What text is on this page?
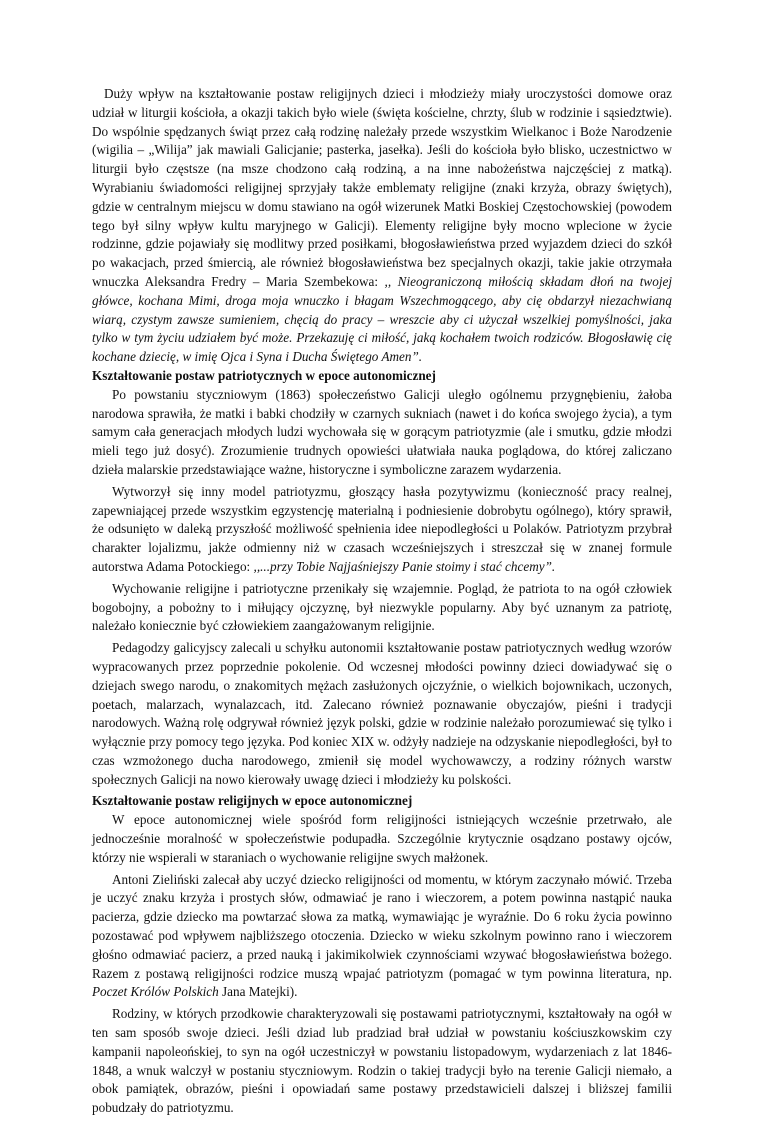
Duży wpływ na kształtowanie postaw religijnych dzieci i młodzieży miały uroczystości domowe oraz udział w liturgii kościoła, a okazji takich było wiele (święta kościelne, chrzty, ślub w rodzinie i sąsiedztwie). Do wspólnie spędzanych świąt przez całą rodzinę należały przede wszystkim Wielkanoc i Boże Narodzenie (wigilia – „Wilija” jak mawiali Galicjanie; pasterka, jasełka). Jeśli do kościoła było blisko, uczestnictwo w liturgii było częstsze (na msze chodzono całą rodziną, a na inne nabożeństwa najczęściej z matką). Wyrabianiu świadomości religijnej sprzyjały także emblematy religijne (znaki krzyża, obrazy świętych), gdzie w centralnym miejscu w domu stawiano na ogół wizerunek Matki Boskiej Częstochowskiej (powodem tego był silny wpływ kultu maryjnego w Galicji). Elementy religijne były mocno wplecione w życie rodzinne, gdzie pojawiały się modlitwy przed posiłkami, błogosławieństwa przed wyjazdem dzieci do szkół po wakacjach, przed śmiercią, ale również błogosławieństwa bez specjalnych okazji, takie jakie otrzymała wnuczka Aleksandra Fredry – Maria Szembekowa: ,, Nieograniczoną miłością składam dłoń na twojej główce, kochana Mimi, droga moja wnuczko i błagam Wszechmogącego, aby cię obdarzył niezachwianą wiarą, czystym zawsze sumieniem, chęcią do pracy – wreszcie aby ci użyczał wszelkiej pomyślności, jaka tylko w tym życiu udziałem być może. Przekazuję ci miłość, jaką kochałem twoich rodziców. Błogosławię cię kochane dziecię, w imię Ojca i Syna i Ducha Świętego Amen”.

Kształtowanie postaw patriotycznych w epoce autonomicznej

Po powstaniu styczniowym (1863) społeczeństwo Galicji uległo ogólnemu przygnębieniu, żałoba narodowa sprawiła, że matki i babki chodziły w czarnych sukniach (nawet i do końca swojego życia), a tym samym cała generacjach młodych ludzi wychowała się w gorącym patriotyzmie (ale i smutku, gdzie młodzi mieli tego już dosyć). Zrozumienie trudnych opowieści ułatwiała nauka poglądowa, do której zaliczano dzieła malarskie przedstawiające ważne, historyczne i symboliczne zarazem wydarzenia.

Wytworzył się inny model patriotyzmu, głoszący hasła pozytywizmu (konieczność pracy realnej, zapewniającej przede wszystkim egzystencję materialną i podniesienie dobrobytu ogólnego), który sprawił, że odsunięto w daleką przyszłość możliwość spełnienia idee niepodległości u Polaków. Patriotyzm przybrał charakter lojalizmu, jakże odmienny niż w czasach wcześniejszych i streszczał się w znanej formule autorstwa Adama Potockiego: ,,...przy Tobie Najjaśniejszy Panie stoimy i stać chcemy”.

Wychowanie religijne i patriotyczne przenikały się wzajemnie. Pogląd, że patriota to na ogół człowiek bogobojny, a pobożny to i miłujący ojczyznę, był niezwykle popularny. Aby być uznanym za patriotę, należało koniecznie być człowiekiem zaangażowanym religijnie.

Pedagodzy galicyjscy zalecali u schyłku autonomii kształtowanie postaw patriotycznych według wzorów wypracowanych przez poprzednie pokolenie. Od wczesnej młodości powinny dzieci dowiadywać się o dziejach swego narodu, o znakomitych mężach zasłużonych ojczyźnie, o wielkich bojownikach, uczonych, poetach, malarzach, wynalazcach, itd. Zalecano również poznawanie obyczajów, pieśni i tradycji narodowych. Ważną rolę odgrywał również język polski, gdzie w rodzinie należało porozumiewać się tylko i wyłącznie przy pomocy tego języka. Pod koniec XIX w. odżyły nadzieje na odzyskanie niepodległości, był to czas wzmożonego ducha narodowego, zmienił się model wychowawczy, a rodziny różnych warstw społecznych Galicji na nowo kierowały uwagę dzieci i młodzieży ku polskości.

Kształtowanie postaw religijnych w epoce autonomicznej

W epoce autonomicznej wiele spośród form religijności istniejących wcześnie przetrwało, ale jednocześnie moralność w społeczeństwie podupadła. Szczególnie krytycznie osądzano postawy ojców, którzy nie wspierali w staraniach o wychowanie religijne swych małżonek.

Antoni Zieliński zalecał aby uczyć dziecko religijności od momentu, w którym zaczynało mówić. Trzeba je uczyć znaku krzyża i prostych słów, odmawiać je rano i wieczorem, a potem powinna nastąpić nauka pacierza, gdzie dziecko ma powtarzać słowa za matką, wymawiając je wyraźnie. Do 6 roku życia powinno pozostawać pod wpływem najbliższego otoczenia. Dziecko w wieku szkolnym powinno rano i wieczorem głośno odmawiać pacierz, a przed nauką i jakimikolwiek czynnościami wzywać błogosławieństwa bożego. Razem z postawą religijności rodzice muszą wpajać patriotyzm (pomagać w tym powinna literatura, np. Poczet Królów Polskich Jana Matejki).

Rodziny, w których przodkowie charakteryzowali się postawami patriotycznymi, kształtowały na ogół w ten sam sposób swoje dzieci. Jeśli dziad lub pradziad brał udział w powstaniu kościuszkowskim czy kampanii napoleońskiej, to syn na ogół uczestniczył w powstaniu listopadowym, wydarzeniach z lat 1846-1848, a wnuk walczył w postaniu styczniowym. Rodzin o takiej tradycji było na terenie Galicji niemało, a obok pamiątek, obrazów, pieśni i opowiadań same postawy przedstawicieli dalszej i bliższej familii pobudzały do patriotyzmu.
